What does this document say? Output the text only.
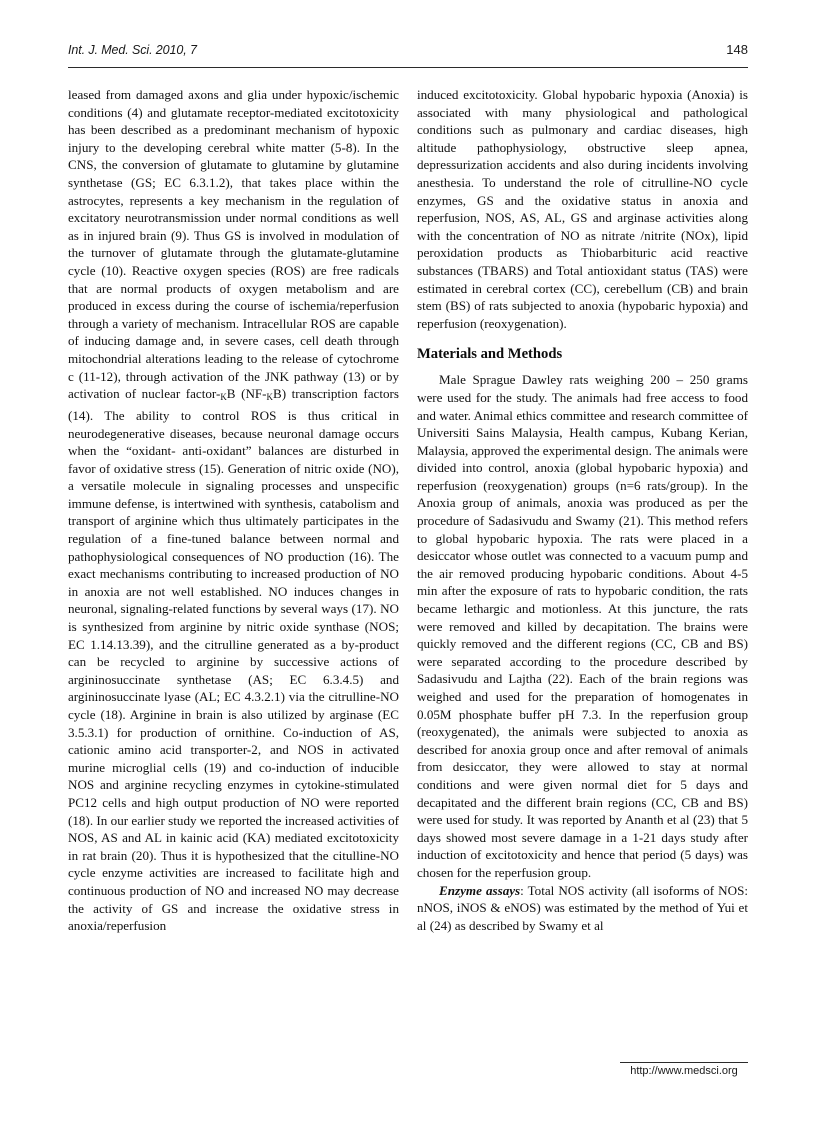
Int. J. Med. Sci. 2010, 7	148

leased from damaged axons and glia under hypoxic/ischemic conditions (4) and glutamate receptor-mediated excitotoxicity has been described as a predominant mechanism of hypoxic injury to the developing cerebral white matter (5-8). In the CNS, the conversion of glutamate to glutamine by glutamine synthetase (GS; EC 6.3.1.2), that takes place within the astrocytes, represents a key mechanism in the regulation of excitatory neurotransmission under normal conditions as well as in injured brain (9). Thus GS is involved in modulation of the turnover of glutamate through the glutamate-glutamine cycle (10). Reactive oxygen species (ROS) are free radicals that are normal products of oxygen metabolism and are produced in excess during the course of ischemia/reperfusion through a variety of mechanism. Intracellular ROS are capable of inducing damage and, in severe cases, cell death through mitochondrial alterations leading to the release of cytochrome c (11-12), through activation of the JNK pathway (13) or by activation of nuclear factor-$_KB$ $(NF-_KB)$ transcription factors (14). The ability to control ROS is thus critical in neurodegenerative diseases, because neuronal damage occurs when the “oxidant- anti-oxidant” balances are disturbed in favor of oxidative stress (15). Generation of nitric oxide (NO), a versatile molecule in signaling processes and unspecific immune defense, is intertwined with synthesis, catabolism and transport of arginine which thus ultimately participates in the regulation of a fine-tuned balance between normal and pathophysiological consequences of NO production (16). The exact mechanisms contributing to increased production of NO in anoxia are not well established. NO induces changes in neuronal, signaling-related functions by several ways (17). NO is synthesized from arginine by nitric oxide synthase (NOS; EC 1.14.13.39), and the citrulline generated as a by-product can be recycled to arginine by successive actions of argininosuccinate synthetase (AS; EC 6.3.4.5) and argininosuccinate lyase (AL; EC 4.3.2.1) via the citrulline-NO cycle (18). Arginine in brain is also utilized by arginase (EC 3.5.3.1) for production of ornithine. Co-induction of AS, cationic amino acid transporter-2, and NOS in activated murine microglial cells (19) and co-induction of inducible NOS and arginine recycling enzymes in cytokine-stimulated PC12 cells and high output production of NO were reported (18). In our earlier study we reported the increased activities of NOS, AS and AL in kainic acid (KA) mediated excitotoxicity in rat brain (20). Thus it is hypothesized that the citulline-NO cycle enzyme activities are increased to facilitate high and continuous production of NO and increased NO may decrease the activity of GS and increase the oxidative stress in anoxia/reperfusion

induced excitotoxicity. Global hypobaric hypoxia (Anoxia) is associated with many physiological and pathological conditions such as pulmonary and cardiac diseases, high altitude pathophysiology, obstructive sleep apnea, depressurization accidents and also during incidents involving anesthesia. To understand the role of citrulline-NO cycle enzymes, GS and the oxidative status in anoxia and reperfusion, NOS, AS, AL, GS and arginase activities along with the concentration of NO as nitrate /nitrite (NOx), lipid peroxidation products as Thiobarbituric acid reactive substances (TBARS) and Total antioxidant status (TAS) were estimated in cerebral cortex (CC), cerebellum (CB) and brain stem (BS) of rats subjected to anoxia (hypobaric hypoxia) and reperfusion (reoxygenation).

Materials and Methods

Male Sprague Dawley rats weighing 200 – 250 grams were used for the study. The animals had free access to food and water. Animal ethics committee and research committee of Universiti Sains Malaysia, Health campus, Kubang Kerian, Malaysia, approved the experimental design. The animals were divided into control, anoxia (global hypobaric hypoxia) and reperfusion (reoxygenation) groups (n=6 rats/group). In the Anoxia group of animals, anoxia was produced as per the procedure of Sadasivudu and Swamy (21). This method refers to global hypobaric hypoxia. The rats were placed in a desiccator whose outlet was connected to a vacuum pump and the air removed producing hypobaric conditions. About 4-5 min after the exposure of rats to hypobaric condition, the rats became lethargic and motionless. At this juncture, the rats were removed and killed by decapitation. The brains were quickly removed and the different regions (CC, CB and BS) were separated according to the procedure described by Sadasivudu and Lajtha (22). Each of the brain regions was weighed and used for the preparation of homogenates in 0.05M phosphate buffer pH 7.3. In the reperfusion group (reoxygenated), the animals were subjected to anoxia as described for anoxia group once and after removal of animals from desiccator, they were allowed to stay at normal conditions and were given normal diet for 5 days and decapitated and the different brain regions (CC, CB and BS) were used for study. It was reported by Ananth et al (23) that 5 days showed most severe damage in a 1-21 days study after induction of excitotoxicity and hence that period (5 days) was chosen for the reperfusion group.

Enzyme assays: Total NOS activity (all isoforms of NOS: nNOS, iNOS & eNOS) was estimated by the method of Yui et al (24) as described by Swamy et al

http://www.medsci.org
